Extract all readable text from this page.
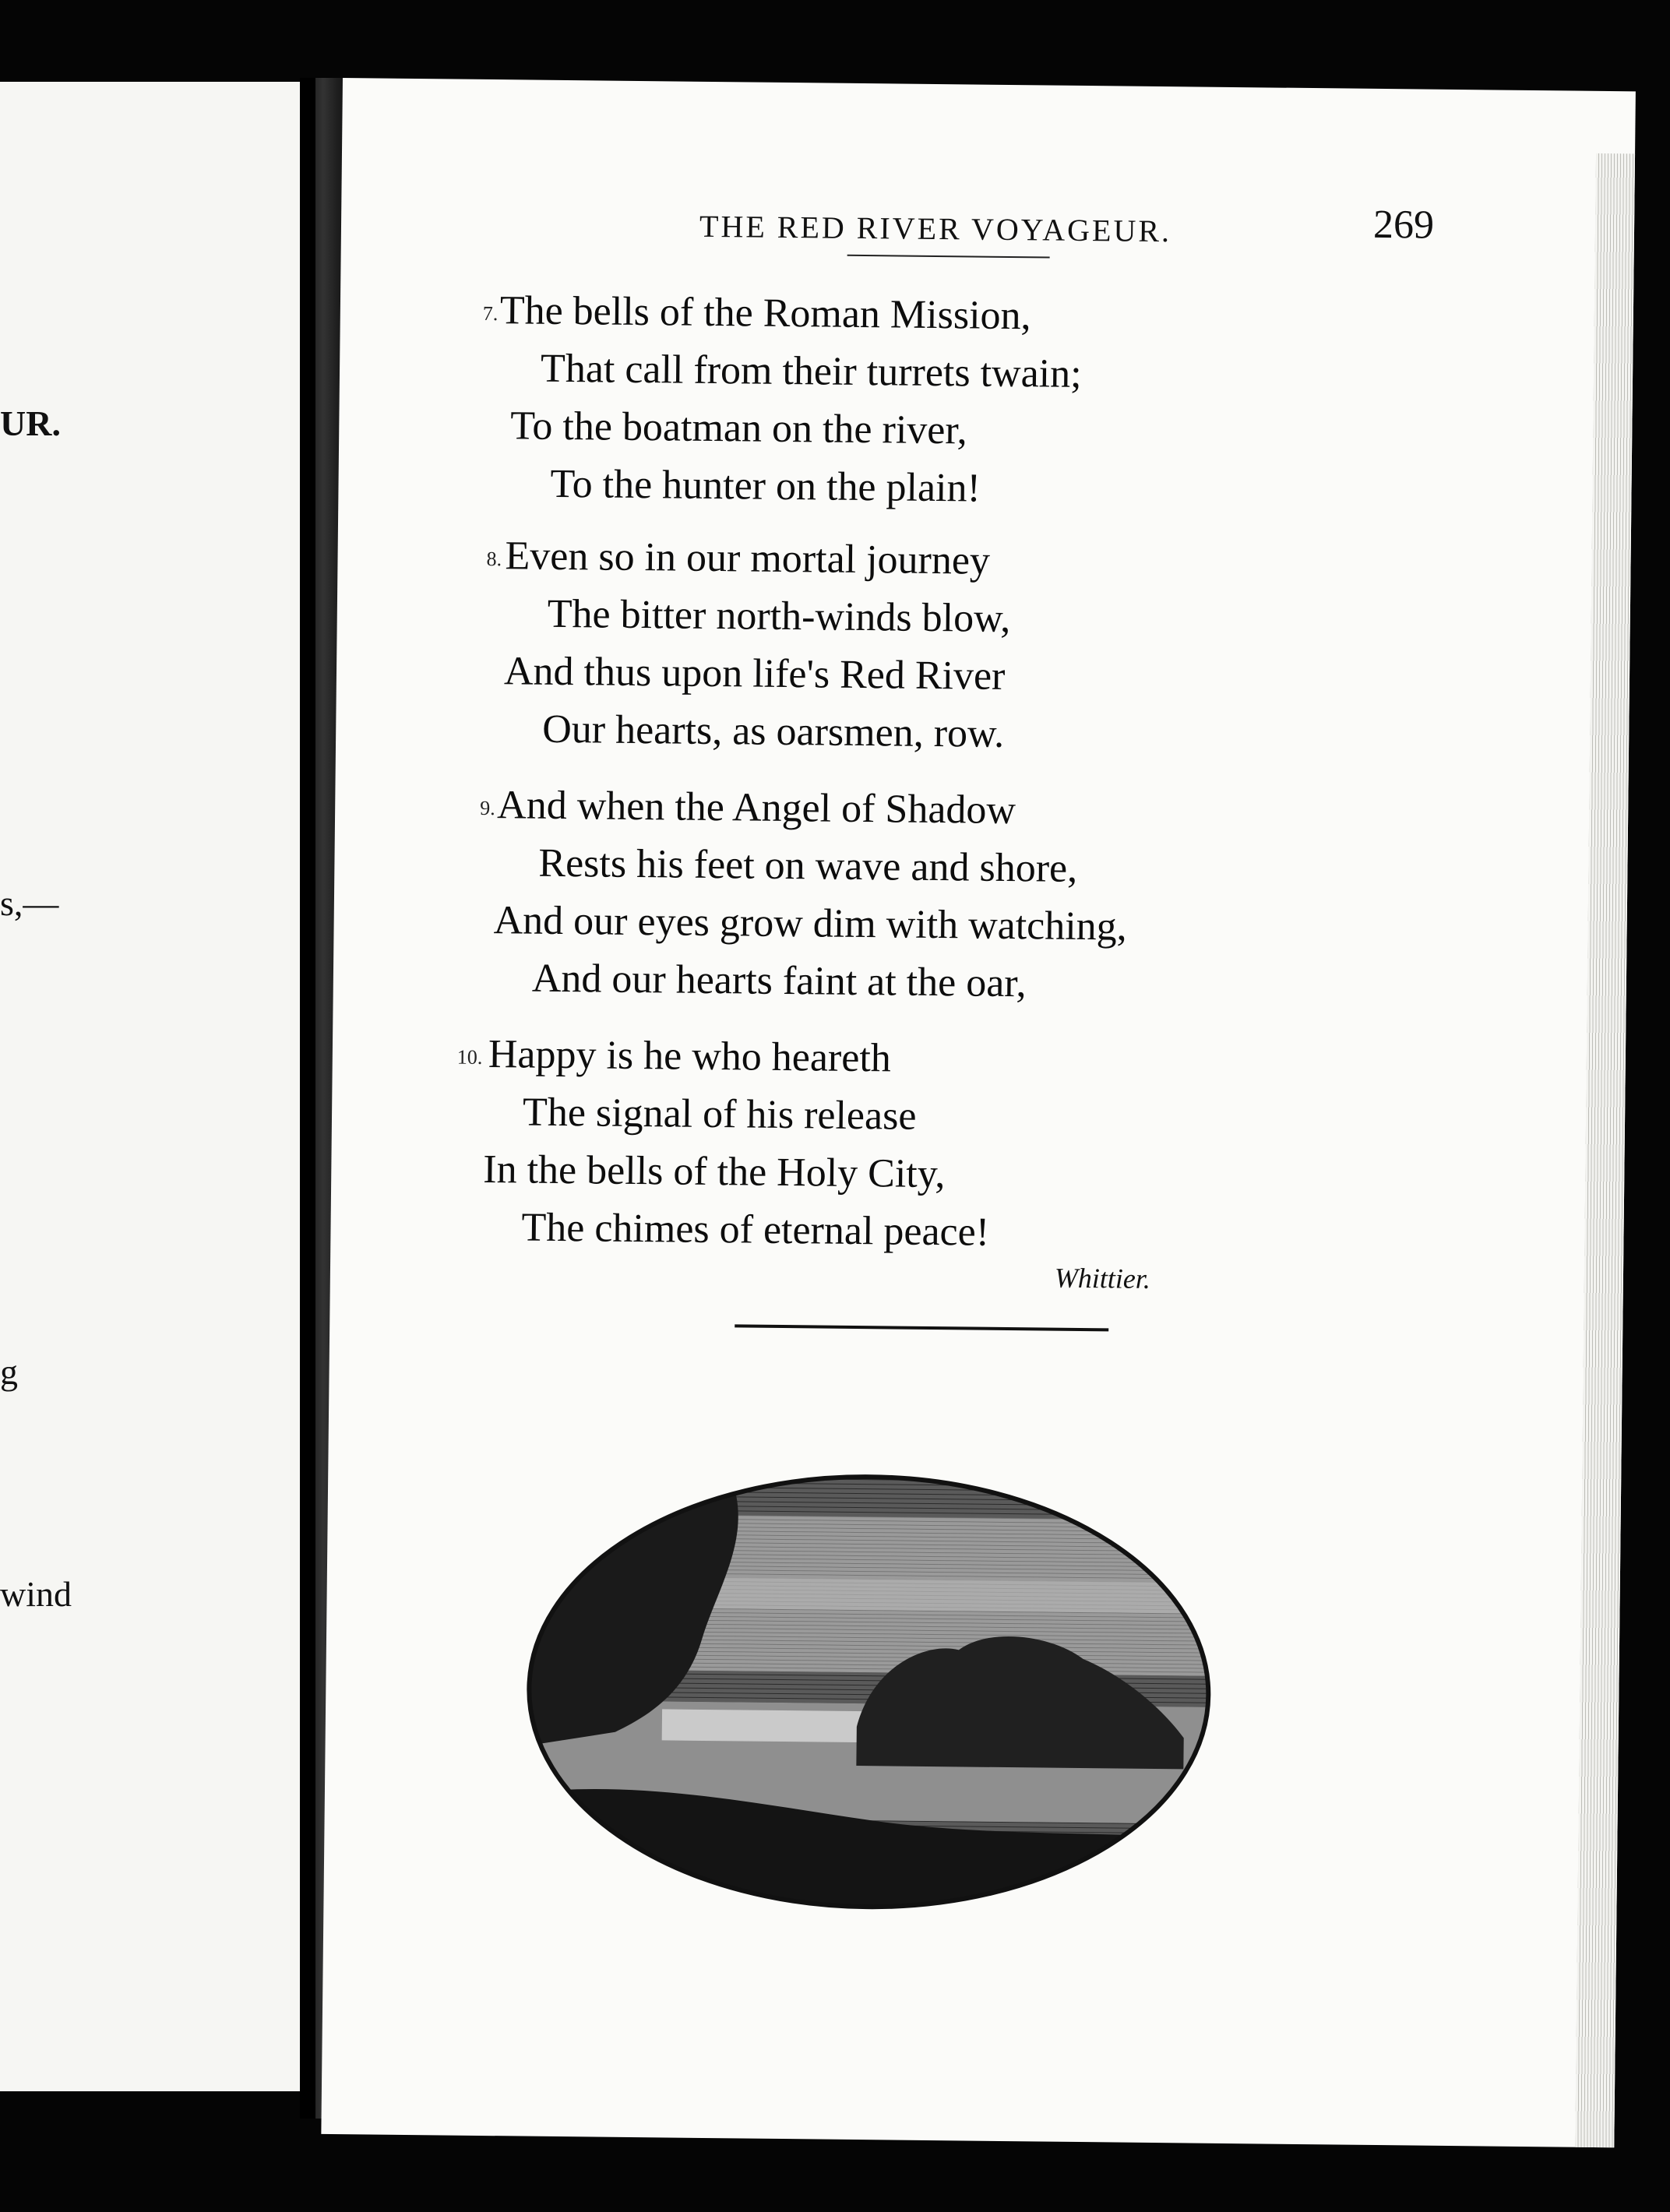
UR.
s,—
g
wind
THE RED RIVER VOYAGEUR.	269
7. The bells of the Roman Mission,
That call from their turrets twain;
To the boatman on the river,
To the hunter on the plain!
8. Even so in our mortal journey
The bitter north-winds blow,
And thus upon life's Red River
Our hearts, as oarsmen, row.
9. And when the Angel of Shadow
Rests his feet on wave and shore,
And our eyes grow dim with watching,
And our hearts faint at the oar,
10. Happy is he who heareth
The signal of his release
In the bells of the Holy City,
The chimes of eternal peace!
Whittier.
